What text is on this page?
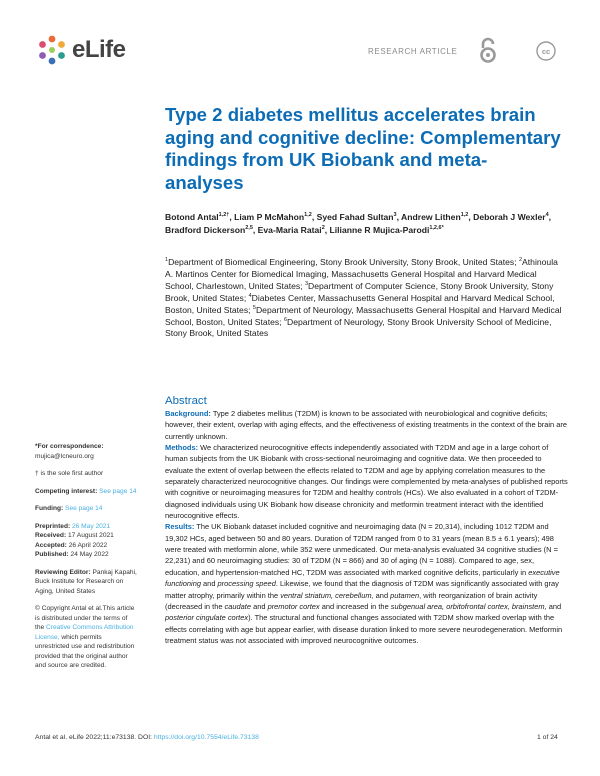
eLife	RESEARCH ARTICLE	cc
Type 2 diabetes mellitus accelerates brain aging and cognitive decline: Complementary findings from UK Biobank and meta-analyses
Botond Antal$^{1,2\dagger}$, Liam P McMahon$^{1,2}$, Syed Fahad Sultan$^3$, Andrew Lithen$^{1,2}$, Deborah J Wexler$^4$, Bradford Dickerson$^{2,5}$, Eva-Maria Ratai$^2$, Lilianne R Mujica-Parodi$^{1,2,6*}$
$^1$Department of Biomedical Engineering, Stony Brook University, Stony Brook, United States; $^2$Athinoula A. Martinos Center for Biomedical Imaging, Massachusetts General Hospital and Harvard Medical School, Charlestown, United States; $^3$Department of Computer Science, Stony Brook University, Stony Brook, United States; $^4$Diabetes Center, Massachusetts General Hospital and Harvard Medical School, Boston, United States; $^5$Department of Neurology, Massachusetts General Hospital and Harvard Medical School, Boston, United States; $^6$Department of Neurology, Stony Brook University School of Medicine, Stony Brook, United States
Abstract

Background: Type 2 diabetes mellitus (T2DM) is known to be associated with neurobiological and cognitive deficits; however, their extent, overlap with aging effects, and the effectiveness of existing treatments in the context of the brain are currently unknown.

Methods: We characterized neurocognitive effects independently associated with T2DM and age in a large cohort of human subjects from the UK Biobank with cross-sectional neuroimaging and cognitive data. We then proceeded to evaluate the extent of overlap between the effects related to T2DM and age by applying correlation measures to the separately characterized neurocognitive changes. Our findings were complemented by meta-analyses of published reports with cognitive or neuroimaging measures for T2DM and healthy controls (HCs). We also evaluated in a cohort of T2DM-diagnosed individuals using UK Biobank how disease chronicity and metformin treatment interact with the identified neurocognitive effects.

Results: The UK Biobank dataset included cognitive and neuroimaging data (N = 20,314), including 1012 T2DM and 19,302 HCs, aged between 50 and 80 years. Duration of T2DM ranged from 0 to 31 years (mean 8.5 ± 6.1 years); 498 were treated with metformin alone, while 352 were unmedicated. Our meta-analysis evaluated 34 cognitive studies (N = 22,231) and 60 neuroimaging studies: 30 of T2DM (N = 866) and 30 of aging (N = 1088). Compared to age, sex, education, and hypertension-matched HC, T2DM was associated with marked cognitive deficits, particularly in executive functioning and processing speed. Likewise, we found that the diagnosis of T2DM was significantly associated with gray matter atrophy, primarily within the ventral striatum, cerebellum, and putamen, with reorganization of brain activity (decreased in the caudate and premotor cortex and increased in the subgenual area, orbitofrontal cortex, brainstem, and posterior cingulate cortex). The structural and functional changes associated with T2DM show marked overlap with the effects correlating with age but appear earlier, with disease duration linked to more severe neurodegeneration. Metformin treatment status was not associated with improved neurocognitive outcomes.

*For correspondence:
mujica@lcneuro.org

† is the sole first author

Competing interest: See page 14

Funding: See page 14

Preprinted: 26 May 2021
Received: 17 August 2021
Accepted: 26 April 2022
Published: 24 May 2022

Reviewing Editor: Pankaj Kapahi, Buck Institute for Research on Aging, United States

© Copyright Antal et al.This article is distributed under the terms of the Creative Commons Attribution License, which permits unrestricted use and redistribution provided that the original author and source are credited.

Antal et al. eLife 2022;11:e73138. DOI: https://doi.org/10.7554/eLife.73138	1 of 24
